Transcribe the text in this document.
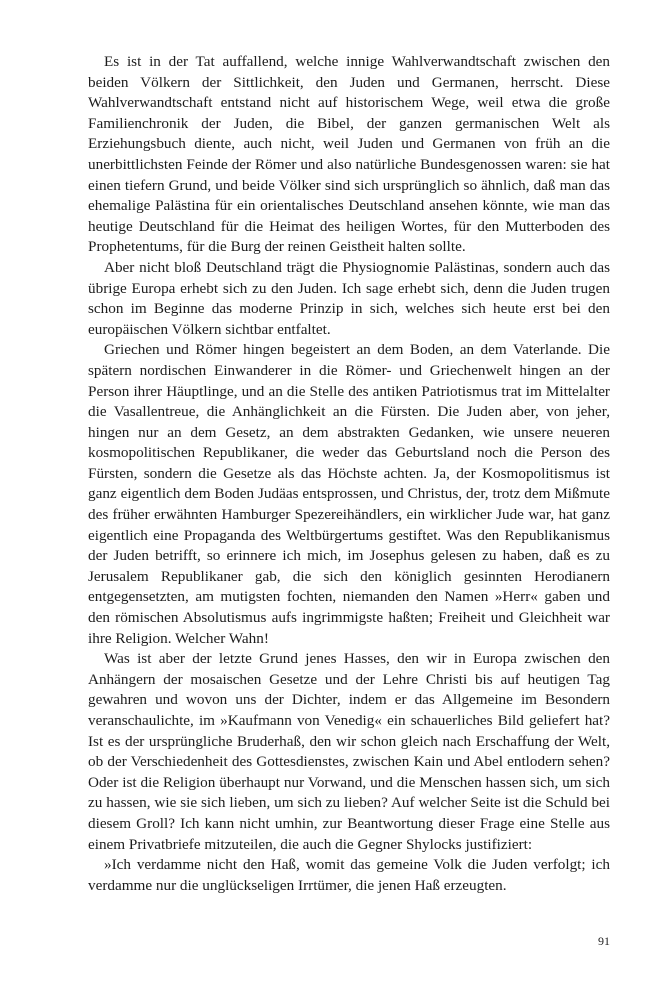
Es ist in der Tat auffallend, welche innige Wahlverwandtschaft zwischen den beiden Völkern der Sittlichkeit, den Juden und Germanen, herrscht. Diese Wahlverwandtschaft entstand nicht auf historischem Wege, weil etwa die große Familienchronik der Juden, die Bibel, der ganzen germanischen Welt als Erziehungsbuch diente, auch nicht, weil Juden und Germanen von früh an die unerbittlichsten Feinde der Römer und also natürliche Bundesgenossen waren: sie hat einen tiefern Grund, und beide Völker sind sich ursprünglich so ähnlich, daß man das ehemalige Palästina für ein orientalisches Deutschland ansehen könnte, wie man das heutige Deutschland für die Heimat des heiligen Wortes, für den Mutterboden des Prophetentums, für die Burg der reinen Geistheit halten sollte.

Aber nicht bloß Deutschland trägt die Physiognomie Palästinas, sondern auch das übrige Europa erhebt sich zu den Juden. Ich sage erhebt sich, denn die Juden trugen schon im Beginne das moderne Prinzip in sich, welches sich heute erst bei den europäischen Völkern sichtbar entfaltet.

Griechen und Römer hingen begeistert an dem Boden, an dem Vaterlande. Die spätern nordischen Einwanderer in die Römer- und Griechenwelt hingen an der Person ihrer Häuptlinge, und an die Stelle des antiken Patriotismus trat im Mittelalter die Vasallentreue, die Anhänglichkeit an die Fürsten. Die Juden aber, von jeher, hingen nur an dem Gesetz, an dem abstrakten Gedanken, wie unsere neueren kosmopolitischen Republikaner, die weder das Geburtsland noch die Person des Fürsten, sondern die Gesetze als das Höchste achten. Ja, der Kosmopolitismus ist ganz eigentlich dem Boden Judäas entsprossen, und Christus, der, trotz dem Mißmute des früher erwähnten Hamburger Spezereihändlers, ein wirklicher Jude war, hat ganz eigentlich eine Propaganda des Weltbürgertums gestiftet. Was den Republikanismus der Juden betrifft, so erinnere ich mich, im Josephus gelesen zu haben, daß es zu Jerusalem Republikaner gab, die sich den königlich gesinnten Herodianern entgegensetzten, am mutigsten fochten, niemanden den Namen »Herr« gaben und den römischen Absolutismus aufs ingrimmigste haßten; Freiheit und Gleichheit war ihre Religion. Welcher Wahn!

Was ist aber der letzte Grund jenes Hasses, den wir in Europa zwischen den Anhängern der mosaischen Gesetze und der Lehre Christi bis auf heutigen Tag gewahren und wovon uns der Dichter, indem er das Allgemeine im Besondern veranschaulichte, im »Kaufmann von Venedig« ein schauerliches Bild geliefert hat? Ist es der ursprüngliche Bruderhaß, den wir schon gleich nach Erschaffung der Welt, ob der Verschiedenheit des Gottesdienstes, zwischen Kain und Abel entlodern sehen? Oder ist die Religion überhaupt nur Vorwand, und die Menschen hassen sich, um sich zu hassen, wie sie sich lieben, um sich zu lieben? Auf welcher Seite ist die Schuld bei diesem Groll? Ich kann nicht umhin, zur Beantwortung dieser Frage eine Stelle aus einem Privatbriefe mitzuteilen, die auch die Gegner Shylocks justifiziert:

»Ich verdamme nicht den Haß, womit das gemeine Volk die Juden verfolgt; ich verdamme nur die unglückseligen Irrtümer, die jenen Haß erzeugten.

91
